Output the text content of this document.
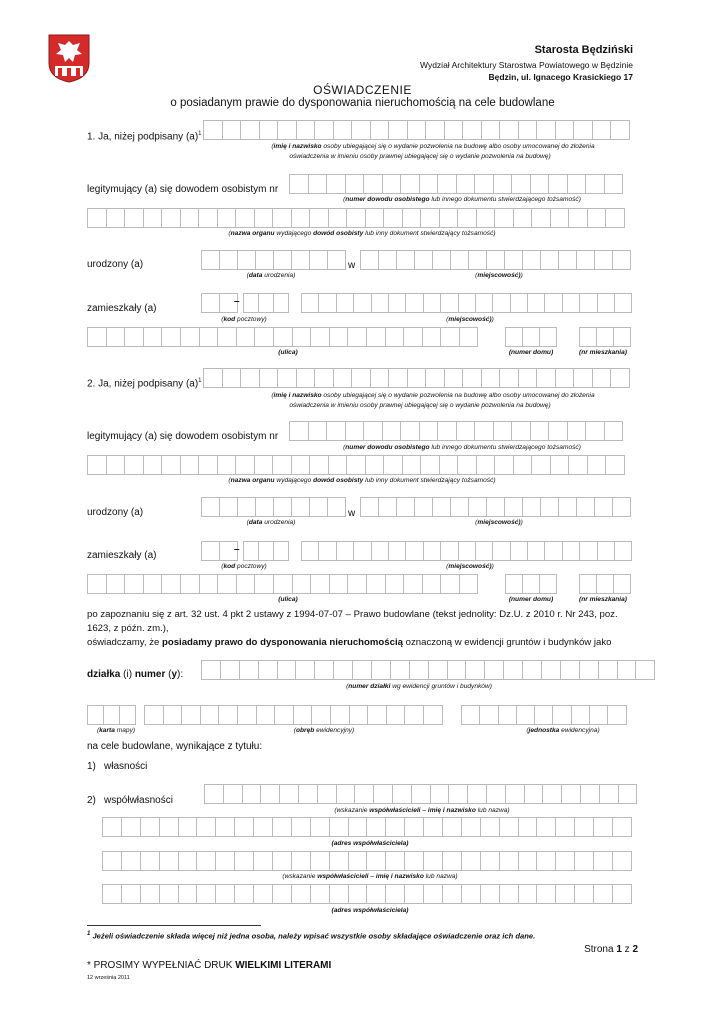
Starosta Będziński
Wydział Architektury Starostwa Powiatowego w Będzinie
Będzin, ul. Ignacego Krasickiego 17
OŚWIADCZENIE
o posiadanym prawie do dysponowania nieruchomością na cele budowlane
1. Ja, niżej podpisany $(a)^1$
(imię i nazwisko osoby ubiegającej się o wydanie pozwolenia na budowę albo osoby umocowanej do złożenia
oświadczenia w imieniu osoby prawnej ubiegającej się o wydanie pozwolenia na budowę)
legitymujący (a) się dowodem osobistym nr
(numer dowodu osobistego lub innego dokumentu stwierdzającego tożsamość)
(nazwa organu wydającego dowód osobisty lub inny dokument stwierdzający tożsamość)
urodzony (a)	w
(data urodzenia)	(miejscowość))
zamieszkały (a)
–
(kod pocztowy)	(miejscowość))
(ulica)	(numer domu)	(nr mieszkania)
2. Ja, niżej podpisany $(a)^1$
(imię i nazwisko osoby ubiegającej się o wydanie pozwolenia na budowę albo osoby umocowanej do złożenia
oświadczenia w imieniu osoby prawnej ubiegającej się o wydanie pozwolenia na budowę)
legitymujący (a) się dowodem osobistym nr
(numer dowodu osobistego lub innego dokumentu stwierdzającego tożsamość)
(nazwa organu wydającego dowód osobisty lub inny dokument stwierdzający tożsamość)
urodzony (a)	w
(data urodzenia)	(miejscowość))
zamieszkały (a)
–
(kod pocztowy)	(miejscowość))
(ulica)	(numer domu)	(nr mieszkania)
po zapoznaniu się z art. 32 ust. 4 pkt 2 ustawy z 1994-07-07 – Prawo budowlane (tekst jednolity: Dz.U. z 2010 r. Nr 243, poz.
1623, z późn. zm.),
oświadczamy, że posiadamy prawo do dysponowania nieruchomością oznaczoną w ewidencji gruntów i budynków jako
działka (i) numer (y):
(numer działki wg ewidencji gruntów i budynków)
(karta mapy)	(obręb ewidencyjny)	(jednostka ewidencyjna)
na cele budowlane, wynikające z tytułu:
1) własności
2) współwłasności
(wskazanie współwłaścicieli – imię i nazwisko lub nazwa)
(adres współwłaściciela)
(wskazanie współwłaścicieli – imię i nazwisko lub nazwa)
(adres współwłaściciela)
$^1$ Jeżeli oświadczenie składa więcej niż jedna osoba, należy wpisać wszystkie osoby składające oświadczenie oraz ich dane.
Strona 1 z 2
* PROSIMY WYPEŁNIAĆ DRUK WIELKIMI LITERAMI
12 września 2011
